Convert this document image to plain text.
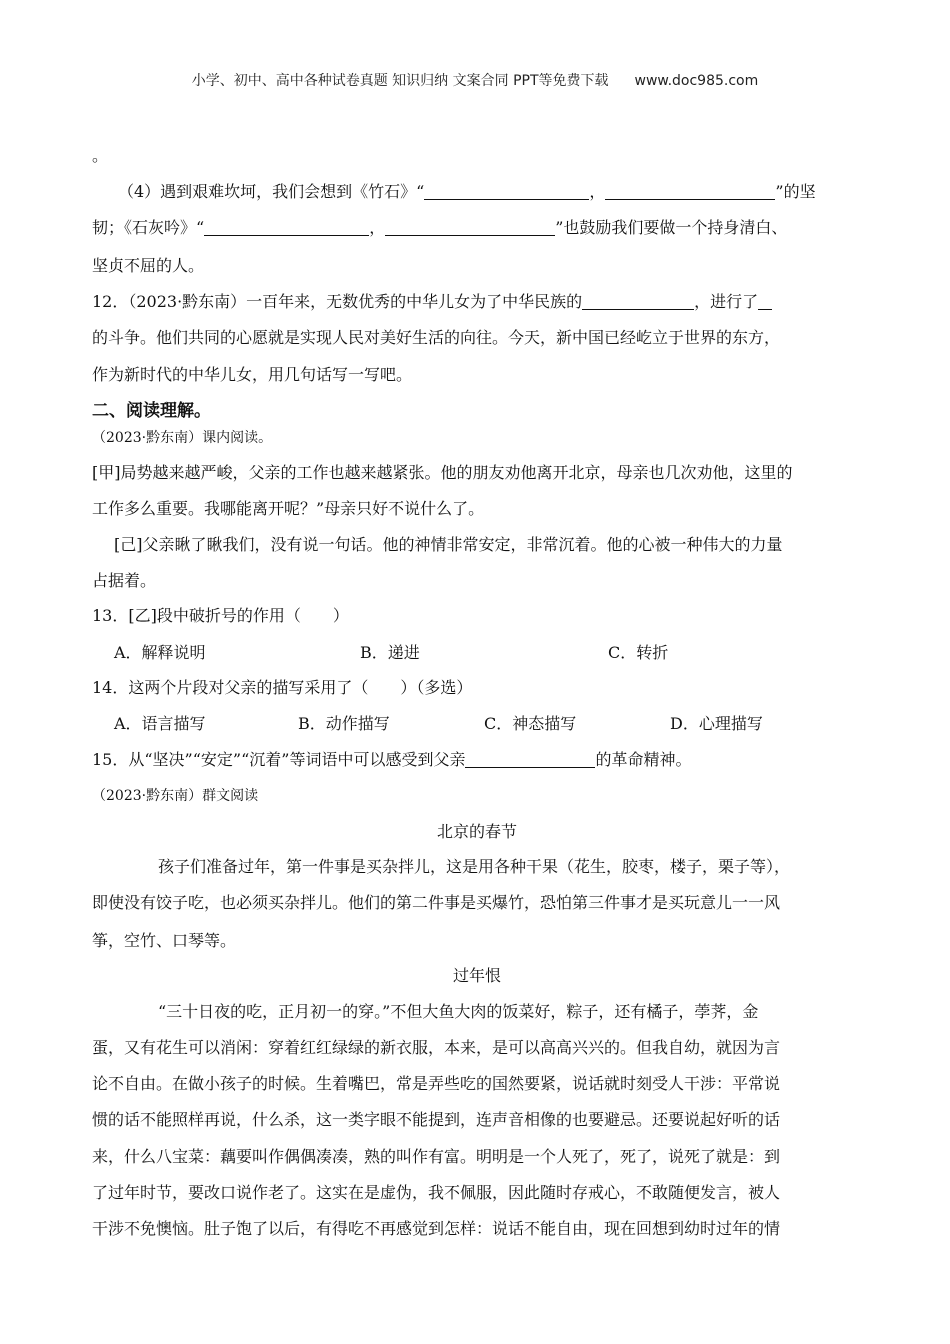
小学、初中、高中各种试卷真题 知识归纳 文案合同 PPT等免费下载 www.doc985.com
。
（4）遇到艰难坎坷，我们会想到《竹石》“	，	”的坚
韧；《石灰吟》“	，	”也鼓励我们要做一个持身清白、
坚贞不屈的人。
12．（2023·黔东南）一百年来，无数优秀的中华儿女为了中华民族的	，进行了
的斗争。他们共同的心愿就是实现人民对美好生活的向往。今天，新中国已经屹立于世界的东方，
作为新时代的中华儿女，用几句话写一写吧。
二、阅读理解。
（2023·黔东南）课内阅读。
[甲]局势越来越严峻，父亲的工作也越来越紧张。他的朋友劝他离开北京，母亲也几次劝他，这里的
工作多么重要。我哪能离开呢？”母亲只好不说什么了。
[己]父亲瞅了瞅我们，没有说一句话。他的神情非常安定，非常沉着。他的心被一种伟大的力量
占据着。
13．[乙]段中破折号的作用（　　）
A．解释说明	B．递进	C．转折
14．这两个片段对父亲的描写采用了（　　）（多选）
A．语言描写	B．动作描写	C．神态描写	D．心理描写
15．从“坚决”“安定”“沉着”等词语中可以感受到父亲	的革命精神。
（2023·黔东南）群文阅读
北京的春节
孩子们准备过年，第一件事是买杂拌儿，这是用各种干果（花生，胶枣，楼子，栗子等），
即使没有饺子吃，也必须买杂拌儿。他们的第二件事是买爆竹，恐怕第三件事才是买玩意儿一一风
筝，空竹、口琴等。
过年恨
“三十日夜的吃，正月初一的穿。”不但大鱼大肉的饭菜好，粽子，还有橘子，荸荠，金
蛋，又有花生可以消闲：穿着红红绿绿的新衣服，本来，是可以高高兴兴的。但我自幼，就因为言
论不自由。在做小孩子的时候。生着嘴巴，常是弄些吃的国然要紧，说话就时刻受人干涉：平常说
惯的话不能照样再说，什么杀，这一类字眼不能提到，连声音相像的也要避忌。还要说起好听的话
来，什么八宝菜：藕要叫作偶偶凑凑，熟的叫作有富。明明是一个人死了，死了，说死了就是：到
了过年时节，要改口说作老了。这实在是虚伪，我不佩服，因此随时存戒心，不敢随便发言，被人
干涉不免懊恼。肚子饱了以后，有得吃不再感觉到怎样：说话不能自由，现在回想到幼时过年的情
